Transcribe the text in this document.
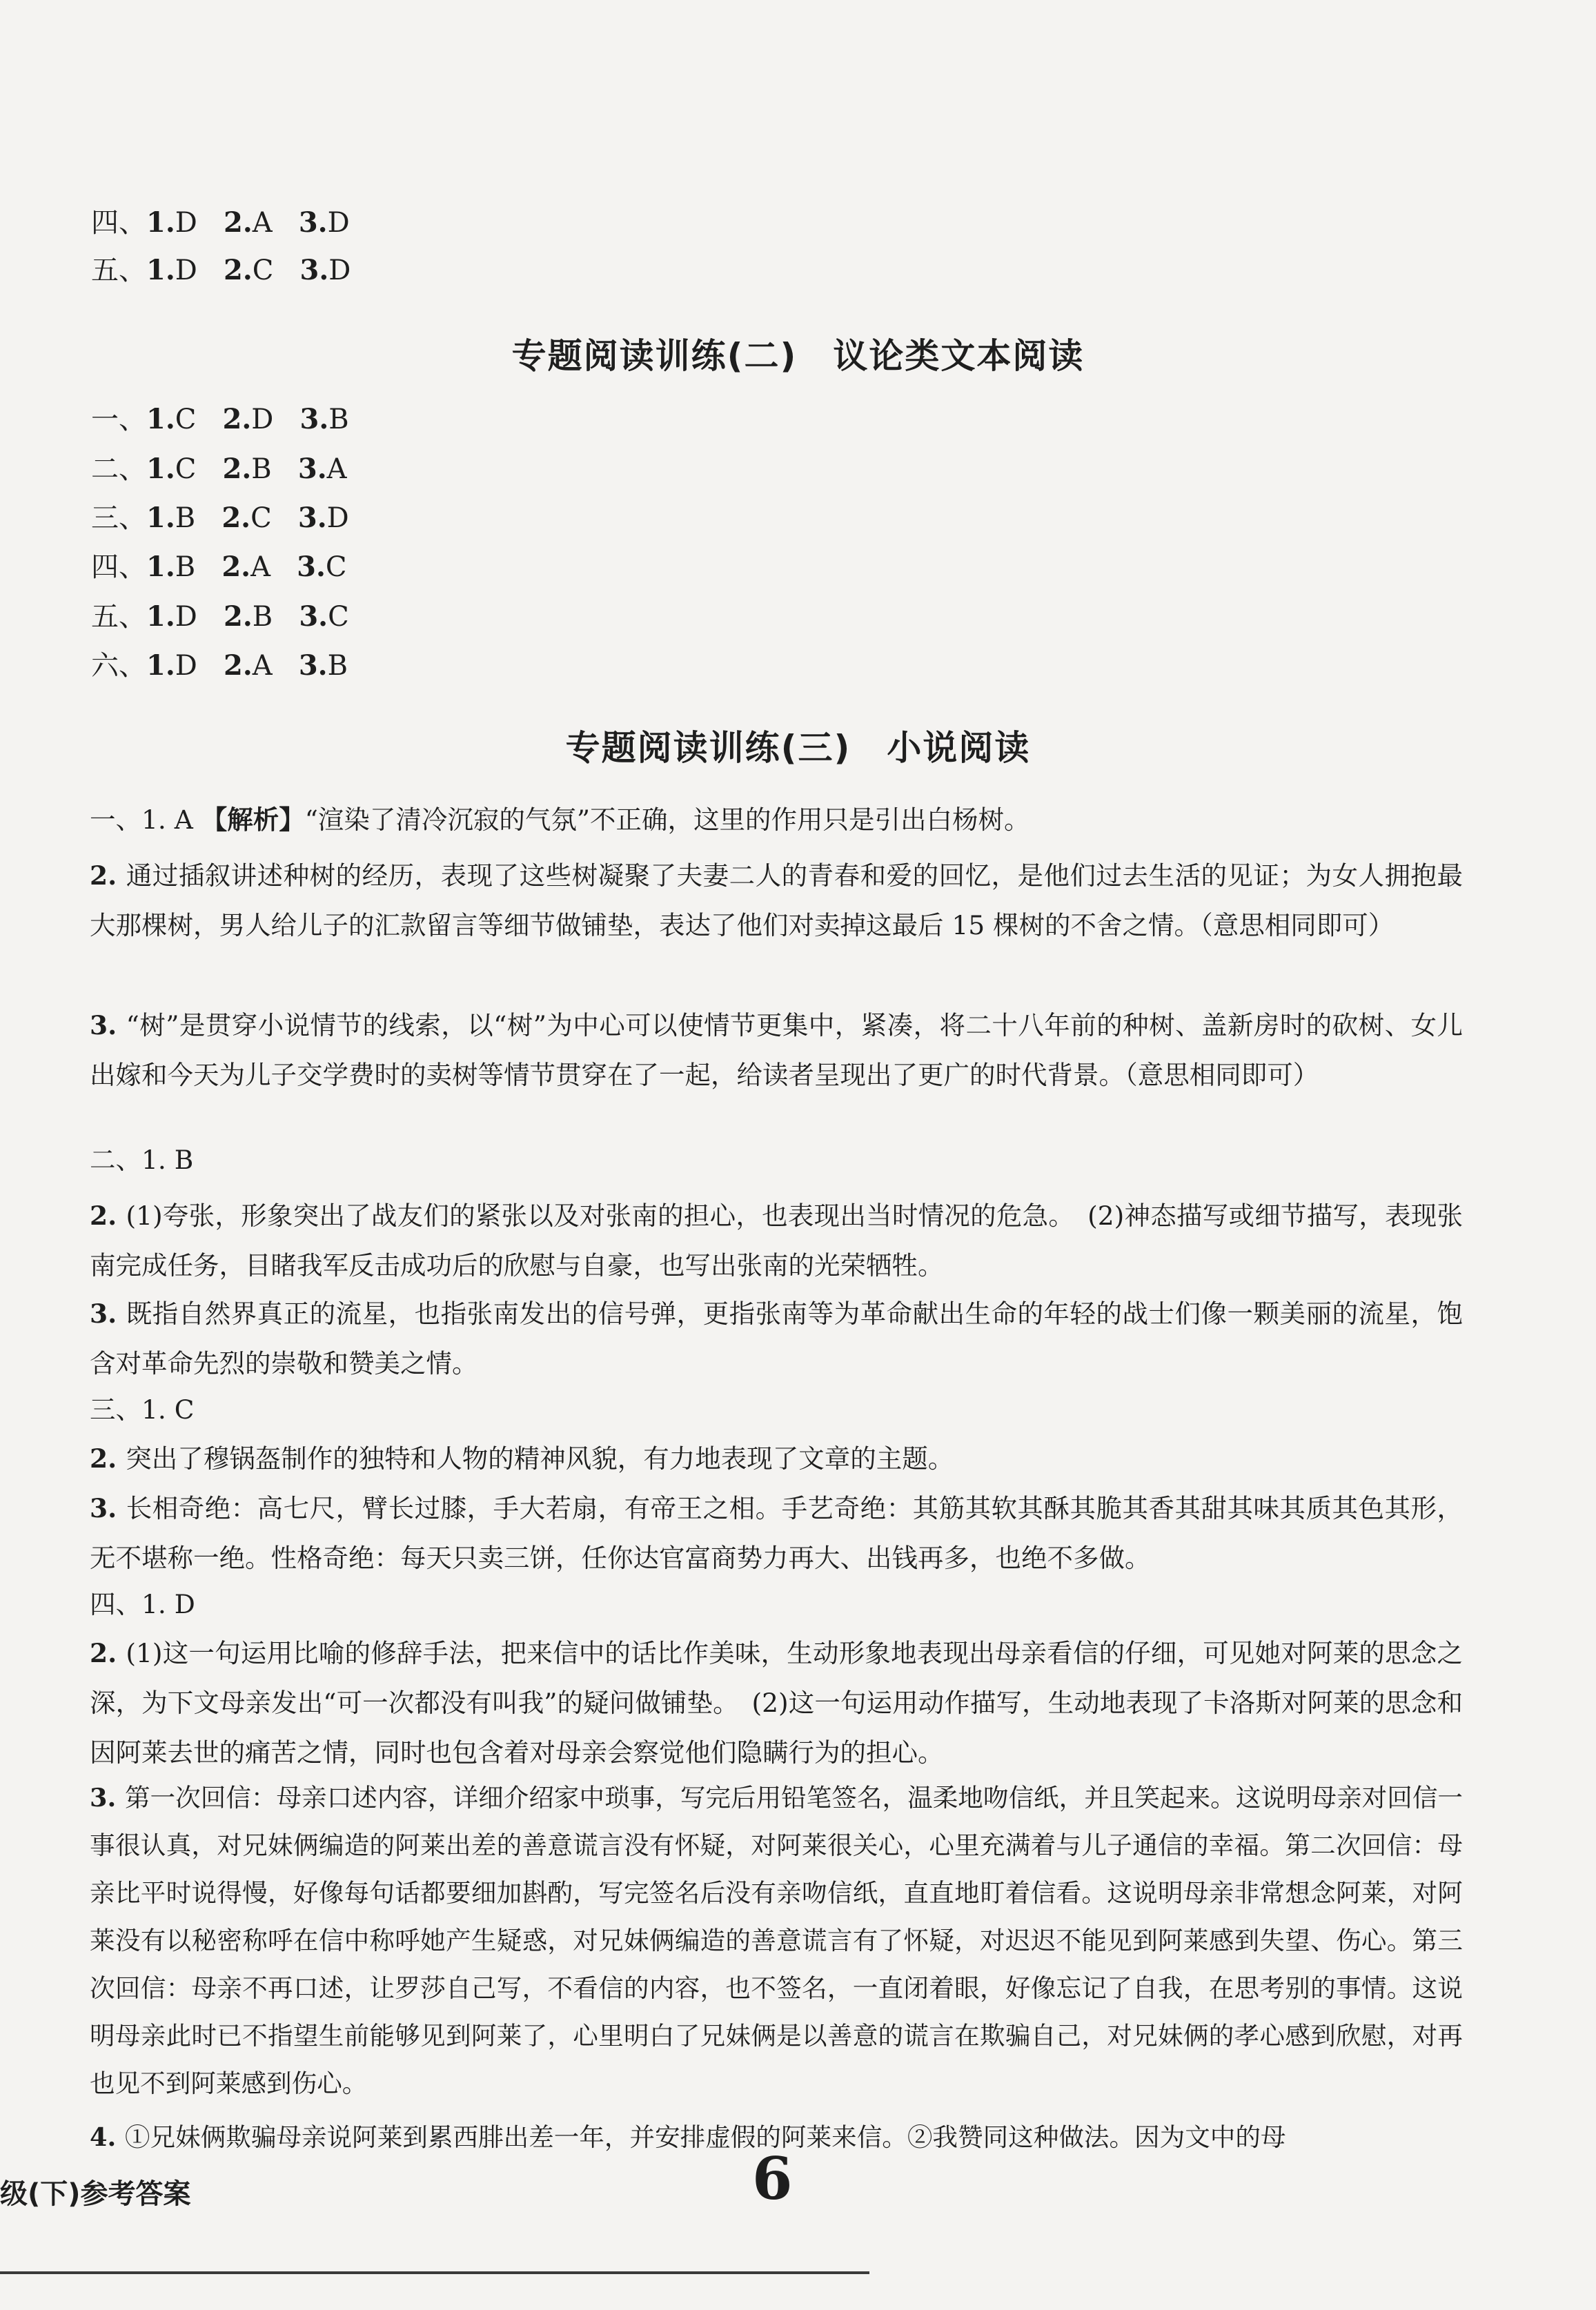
四、1.D 2.A 3.D

五、1.D 2.C 3.D

专题阅读训练(二)　议论类文本阅读

一、1.C 2.D 3.B

二、1.C 2.B 3.A

三、1.B 2.C 3.D

四、1.B 2.A 3.C

五、1.D 2.B 3.C

六、1.D 2.A 3.B

专题阅读训练(三)　小说阅读

一、1. A 【解析】“渲染了清冷沉寂的气氛”不正确，这里的作用只是引出白杨树。

2. 通过插叙讲述种树的经历，表现了这些树凝聚了夫妻二人的青春和爱的回忆，是他们过去生活的见证；为女人拥抱最大那棵树，男人给儿子的汇款留言等细节做铺垫，表达了他们对卖掉这最后 15 棵树的不舍之情。（意思相同即可）

3. “树”是贯穿小说情节的线索，以“树”为中心可以使情节更集中，紧凑，将二十八年前的种树、盖新房时的砍树、女儿出嫁和今天为儿子交学费时的卖树等情节贯穿在了一起，给读者呈现出了更广的时代背景。（意思相同即可）

二、1. B

2. (1)夸张，形象突出了战友们的紧张以及对张南的担心，也表现出当时情况的危急。　(2)神态描写或细节描写，表现张南完成任务，目睹我军反击成功后的欣慰与自豪，也写出张南的光荣牺牲。

3. 既指自然界真正的流星，也指张南发出的信号弹，更指张南等为革命献出生命的年轻的战士们像一颗美丽的流星，饱含对革命先烈的崇敬和赞美之情。

三、1. C

2. 突出了穆锅盔制作的独特和人物的精神风貌，有力地表现了文章的主题。

3. 长相奇绝：高七尺，臂长过膝，手大若扇，有帝王之相。手艺奇绝：其筋其软其酥其脆其香其甜其味其质其色其形，无不堪称一绝。性格奇绝：每天只卖三饼，任你达官富商势力再大、出钱再多，也绝不多做。

四、1. D

2. (1)这一句运用比喻的修辞手法，把来信中的话比作美味，生动形象地表现出母亲看信的仔细，可见她对阿莱的思念之深，为下文母亲发出“可一次都没有叫我”的疑问做铺垫。　(2)这一句运用动作描写，生动地表现了卡洛斯对阿莱的思念和因阿莱去世的痛苦之情，同时也包含着对母亲会察觉他们隐瞒行为的担心。

3. 第一次回信：母亲口述内容，详细介绍家中琐事，写完后用铅笔签名，温柔地吻信纸，并且笑起来。这说明母亲对回信一事很认真，对兄妹俩编造的阿莱出差的善意谎言没有怀疑，对阿莱很关心，心里充满着与儿子通信的幸福。第二次回信：母亲比平时说得慢，好像每句话都要细加斟酌，写完签名后没有亲吻信纸，直直地盯着信看。这说明母亲非常想念阿莱，对阿莱没有以秘密称呼在信中称呼她产生疑惑，对兄妹俩编造的善意谎言有了怀疑，对迟迟不能见到阿莱感到失望、伤心。第三次回信：母亲不再口述，让罗莎自己写，不看信的内容，也不签名，一直闭着眼，好像忘记了自我，在思考别的事情。这说明母亲此时已不指望生前能够见到阿莱了，心里明白了兄妹俩是以善意的谎言在欺骗自己，对兄妹俩的孝心感到欣慰，对再也见不到阿莱感到伤心。

4. ①兄妹俩欺骗母亲说阿莱到累西腓出差一年，并安排虚假的阿莱来信。②我赞同这种做法。因为文中的母

级(下)参考答案	6
